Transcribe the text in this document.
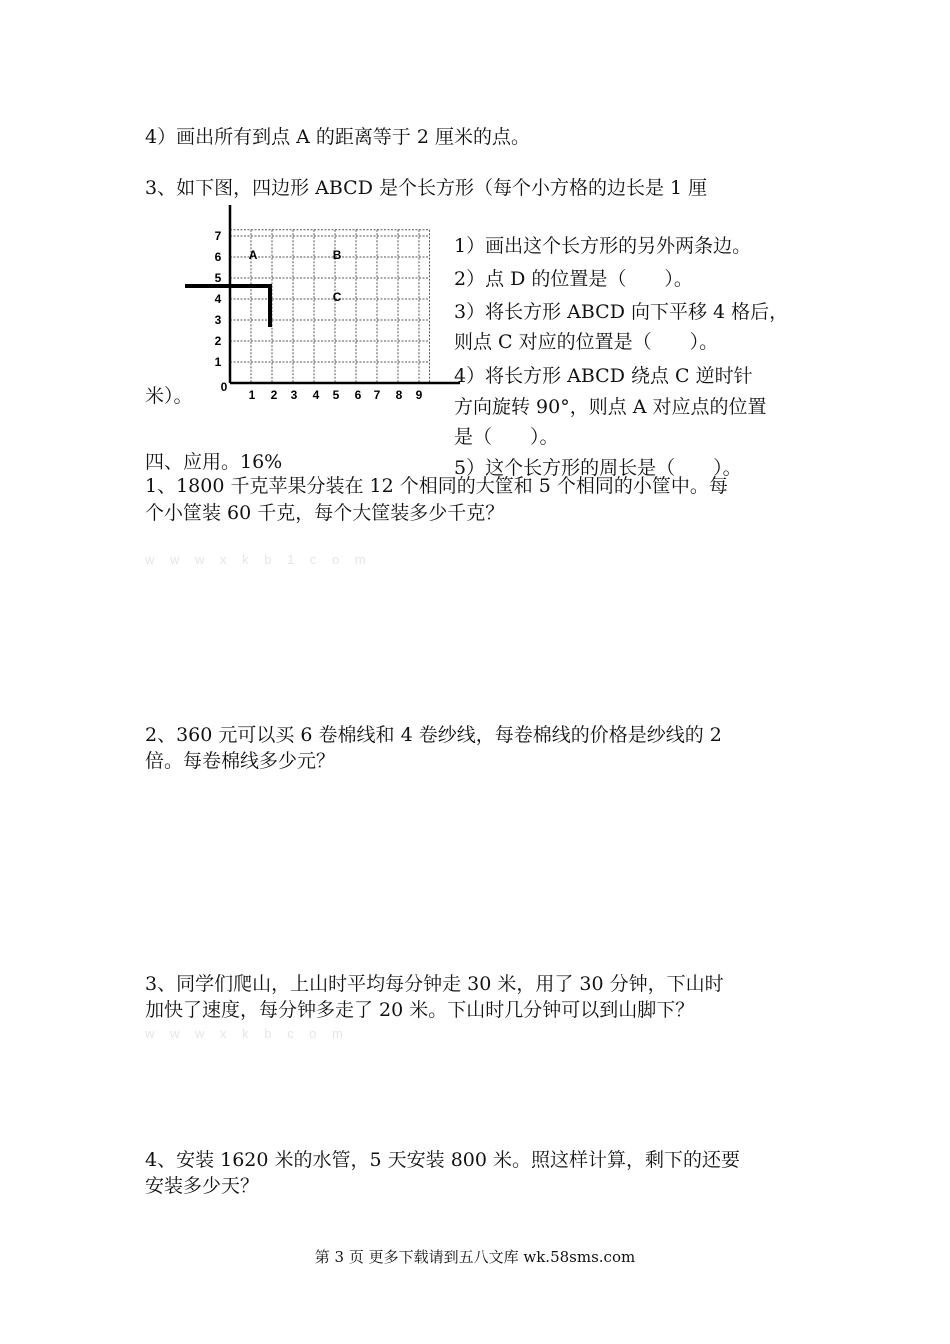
4）画出所有到点 A 的距离等于 2 厘米的点。
3、如下图，四边形 ABCD 是个长方形（每个小方格的边长是 1 厘
0
1 2 3 4 5 6 7 8 9
1
2
3
4
5
6
7
A	B
C
米）。
1）画出这个长方形的另外两条边。
2）点 D 的位置是（　　）。
3）将长方形 ABCD 向下平移 4 格后，
则点 C 对应的位置是（　　）。
4）将长方形 ABCD 绕点 C 逆时针
方向旋转 90°，则点 A 对应点的位置
是（　　）。
5）这个长方形的周长是（　　）。
四、应用。16%
1、1800 千克苹果分装在 12 个相同的大筐和 5 个相同的小筐中。每
个小筐装 60 千克，每个大筐装多少千克？
w w w x k b 1 c o m
2、360 元可以买 6 卷棉线和 4 卷纱线，每卷棉线的价格是纱线的 2
倍。每卷棉线多少元？
3、同学们爬山，上山时平均每分钟走 30 米，用了 30 分钟，下山时
加快了速度，每分钟多走了 20 米。下山时几分钟可以到山脚下？
w w w x k b c o m
4、安装 1620 米的水管，5 天安装 800 米。照这样计算，剩下的还要
安装多少天？
第 3 页 更多下载请到五八文库 wk.58sms.com
